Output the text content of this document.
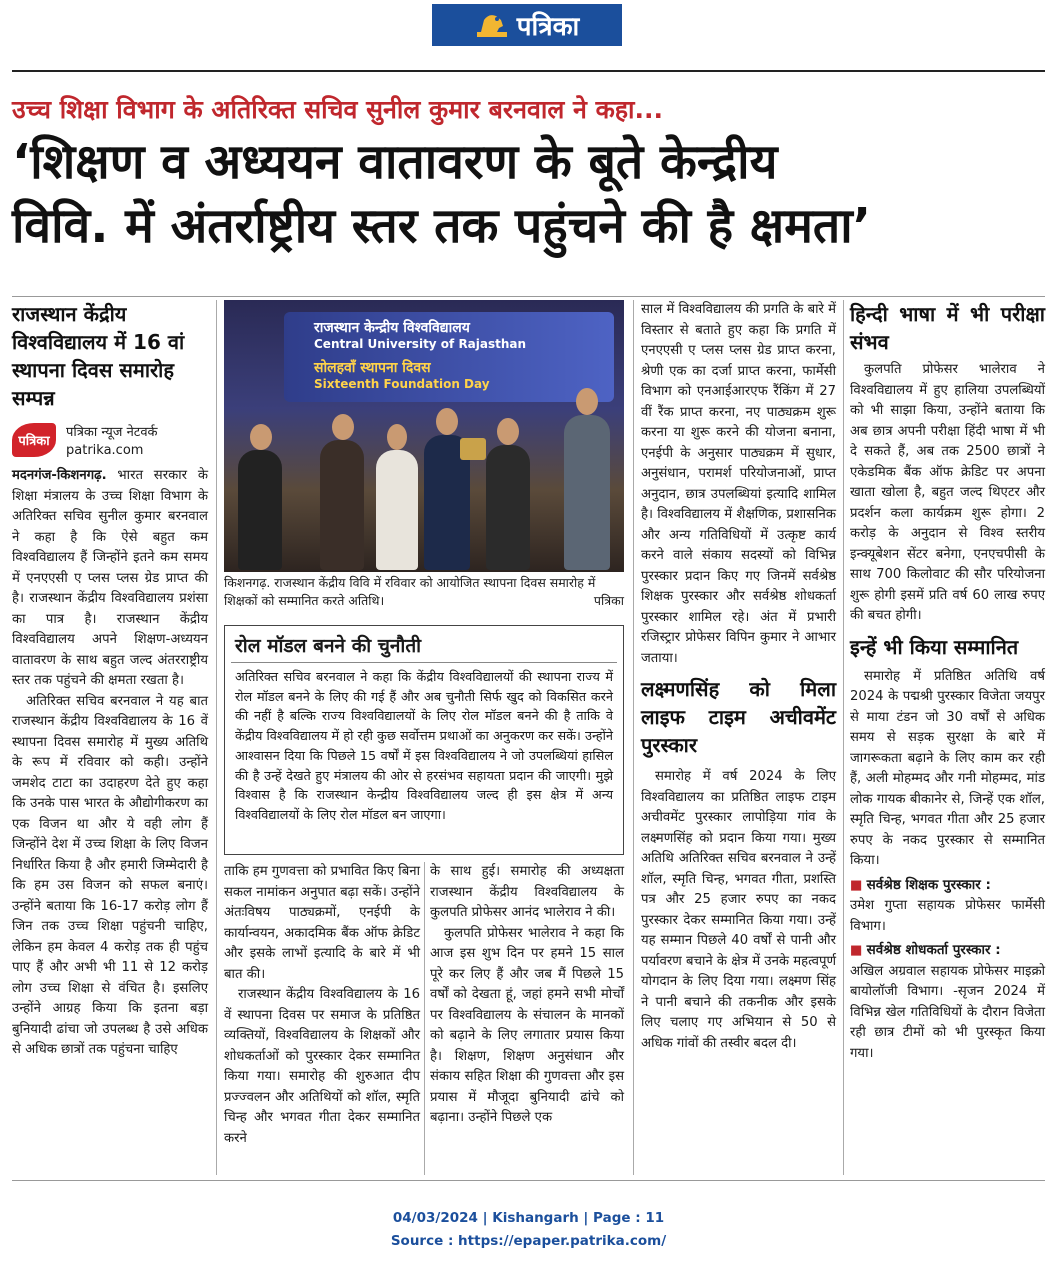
पत्रिका
उच्च शिक्षा विभाग के अतिरिक्त सचिव सुनील कुमार बरनवाल ने कहा...
‘शिक्षण व अध्ययन वातावरण के बूते केन्द्रीय
विवि. में अंतर्राष्ट्रीय स्तर तक पहुंचने की है क्षमता’
राजस्थान केंद्रीय विश्वविद्यालय में 16 वां स्थापना दिवस समारोह सम्पन्न
पत्रिका
पत्रिका न्यूज नेटवर्क
patrika.com

मदनगंज-किशनगढ़. भारत सरकार के शिक्षा मंत्रालय के उच्च शिक्षा विभाग के अतिरिक्त सचिव सुनील कुमार बरनवाल ने कहा है कि ऐसे बहुत कम विश्वविद्यालय हैं जिन्होंने इतने कम समय में एनएएसी ए प्लस प्लस ग्रेड प्राप्त की है। राजस्थान केंद्रीय विश्वविद्यालय प्रशंसा का पात्र है। राजस्थान केंद्रीय विश्वविद्यालय अपने शिक्षण-अध्ययन वातावरण के साथ बहुत जल्द अंतरराष्ट्रीय स्तर तक पहुंचने की क्षमता रखता है।

अतिरिक्त सचिव बरनवाल ने यह बात राजस्थान केंद्रीय विश्वविद्यालय के 16 वें स्थापना दिवस समारोह में मुख्य अतिथि के रूप में रविवार को कही। उन्होंने जमशेद टाटा का उदाहरण देते हुए कहा कि उनके पास भारत के औद्योगीकरण का एक विजन था और ये वही लोग हैं जिन्होंने देश में उच्च शिक्षा के लिए विजन निर्धारित किया है और हमारी जिम्मेदारी है कि हम उस विजन को सफल बनाएं। उन्होंने बताया कि 16-17 करोड़ लोग हैं जिन तक उच्च शिक्षा पहुंचनी चाहिए, लेकिन हम केवल 4 करोड़ तक ही पहुंच पाए हैं और अभी भी 11 से 12 करोड़ लोग उच्च शिक्षा से वंचित है। इसलिए उन्होंने आग्रह किया कि इतना बड़ा बुनियादी ढांचा जो उपलब्ध है उसे अधिक से अधिक छात्रों तक पहुंचना चाहिए

राजस्थान केन्द्रीय विश्वविद्यालय
Central University of Rajasthan
सोलहवाँ स्थापना दिवस
Sixteenth Foundation Day
किशनगढ़. राजस्थान केंद्रीय विवि में रविवार को आयोजित स्थापना दिवस समारोह में शिक्षकों को सम्मानित करते अतिथि।	पत्रिका
रोल मॉडल बनने की चुनौती
अतिरिक्त सचिव बरनवाल ने कहा कि केंद्रीय विश्वविद्यालयों की स्थापना राज्य में रोल मॉडल बनने के लिए की गई हैं और अब चुनौती सिर्फ खुद को विकसित करने की नहीं है बल्कि राज्य विश्वविद्यालयों के लिए रोल मॉडल बनने की है ताकि वे केंद्रीय विश्वविद्यालय में हो रही कुछ सर्वोत्तम प्रथाओं का अनुकरण कर सकें। उन्होंने आश्वासन दिया कि पिछले 15 वर्षों में इस विश्वविद्यालय ने जो उपलब्धियां हासिल की है उन्हें देखते हुए मंत्रालय की ओर से हरसंभव सहायता प्रदान की जाएगी। मुझे विश्वास है कि राजस्थान केन्द्रीय विश्वविद्यालय जल्द ही इस क्षेत्र में अन्य विश्वविद्यालयों के लिए रोल मॉडल बन जाएगा।

ताकि हम गुणवत्ता को प्रभावित किए बिना सकल नामांकन अनुपात बढ़ा सकें। उन्होंने अंतःविषय पाठ्यक्रमों, एनईपी के कार्यान्वयन, अकादमिक बैंक ऑफ क्रेडिट और इसके लाभों इत्यादि के बारे में भी बात की।

राजस्थान केंद्रीय विश्वविद्यालय के 16 वें स्थापना दिवस पर समाज के प्रतिष्ठित व्यक्तियों, विश्वविद्यालय के शिक्षकों और शोधकर्ताओं को पुरस्कार देकर सम्मानित किया गया। समारोह की शुरुआत दीप प्रज्ज्वलन और अतिथियों को शॉल, स्मृति चिन्ह और भगवत गीता देकर सम्मानित करने

के साथ हुई। समारोह की अध्यक्षता राजस्थान केंद्रीय विश्वविद्यालय के कुलपति प्रोफेसर आनंद भालेराव ने की।

कुलपति प्रोफेसर भालेराव ने कहा कि आज इस शुभ दिन पर हमने 15 साल पूरे कर लिए हैं और जब मैं पिछले 15 वर्षों को देखता हूं, जहां हमने सभी मोर्चों पर विश्वविद्यालय के संचालन के मानकों को बढ़ाने के लिए लगातार प्रयास किया है। शिक्षण, शिक्षण अनुसंधान और संकाय सहित शिक्षा की गुणवत्ता और इस प्रयास में मौजूदा बुनियादी ढांचे को बढ़ाना। उन्होंने पिछले एक

साल में विश्वविद्यालय की प्रगति के बारे में विस्तार से बताते हुए कहा कि प्रगति में एनएएसी ए प्लस प्लस ग्रेड प्राप्त करना, श्रेणी एक का दर्जा प्राप्त करना, फार्मेसी विभाग को एनआईआरएफ रैंकिंग में 27 वीं रैंक प्राप्त करना, नए पाठ्यक्रम शुरू करना या शुरू करने की योजना बनाना, एनईपी के अनुसार पाठ्यक्रम में सुधार, अनुसंधान, परामर्श परियोजनाओं, प्राप्त अनुदान, छात्र उपलब्धियां इत्यादि शामिल है। विश्वविद्यालय में शैक्षणिक, प्रशासनिक और अन्य गतिविधियों में उत्कृष्ट कार्य करने वाले संकाय सदस्यों को विभिन्न पुरस्कार प्रदान किए गए जिनमें सर्वश्रेष्ठ शिक्षक पुरस्कार और सर्वश्रेष्ठ शोधकर्ता पुरस्कार शामिल रहे। अंत में प्रभारी रजिस्ट्रार प्रोफेसर विपिन कुमार ने आभार जताया।

लक्ष्मणसिंह को मिला लाइफ टाइम अचीवमेंट पुरस्कार

समारोह में वर्ष 2024 के लिए विश्वविद्यालय का प्रतिष्ठित लाइफ टाइम अचीवमेंट पुरस्कार लापोड़िया गांव के लक्ष्मणसिंह को प्रदान किया गया। मुख्य अतिथि अतिरिक्त सचिव बरनवाल ने उन्हें शॉल, स्मृति चिन्ह, भगवत गीता, प्रशस्ति पत्र और 25 हजार रुपए का नकद पुरस्कार देकर सम्मानित किया गया। उन्हें यह सम्मान पिछले 40 वर्षों से पानी और पर्यावरण बचाने के क्षेत्र में उनके महत्वपूर्ण योगदान के लिए दिया गया। लक्ष्मण सिंह ने पानी बचाने की तकनीक और इसके लिए चलाए गए अभियान से 50 से अधिक गांवों की तस्वीर बदल दी।

हिन्दी भाषा में भी परीक्षा संभव

कुलपति प्रोफेसर भालेराव ने विश्वविद्यालय में हुए हालिया उपलब्धियों को भी साझा किया, उन्होंने बताया कि अब छात्र अपनी परीक्षा हिंदी भाषा में भी दे सकते हैं, अब तक 2500 छात्रों ने एकेडमिक बैंक ऑफ क्रेडिट पर अपना खाता खोला है, बहुत जल्द थिएटर और प्रदर्शन कला कार्यक्रम शुरू होगा। 2 करोड़ के अनुदान से विश्व स्तरीय इन्क्यूबेशन सेंटर बनेगा, एनएचपीसी के साथ 700 किलोवाट की सौर परियोजना शुरू होगी इसमें प्रति वर्ष 60 लाख रुपए की बचत होगी।

इन्हें भी किया सम्मानित

समारोह में प्रतिष्ठित अतिथि वर्ष 2024 के पद्मश्री पुरस्कार विजेता जयपुर से माया टंडन जो 30 वर्षों से अधिक समय से सड़क सुरक्षा के बारे में जागरूकता बढ़ाने के लिए काम कर रही हैं, अली मोहम्मद और गनी मोहम्मद, मांड लोक गायक बीकानेर से, जिन्हें एक शॉल, स्मृति चिन्ह, भगवत गीता और 25 हजार रुपए के नकद पुरस्कार से सम्मानित किया।

■ सर्वश्रेष्ठ शिक्षक पुरस्कार :
उमेश गुप्ता सहायक प्रोफेसर फार्मेसी विभाग।
■ सर्वश्रेष्ठ शोधकर्ता पुरस्कार :
अखिल अग्रवाल सहायक प्रोफेसर माइक्रो बायोलॉजी विभाग। -सृजन 2024 में विभिन्न खेल गतिविधियों के दौरान विजेता रही छात्र टीमों को भी पुरस्कृत किया गया।
04/03/2024 | Kishangarh | Page : 11
Source : https://epaper.patrika.com/
